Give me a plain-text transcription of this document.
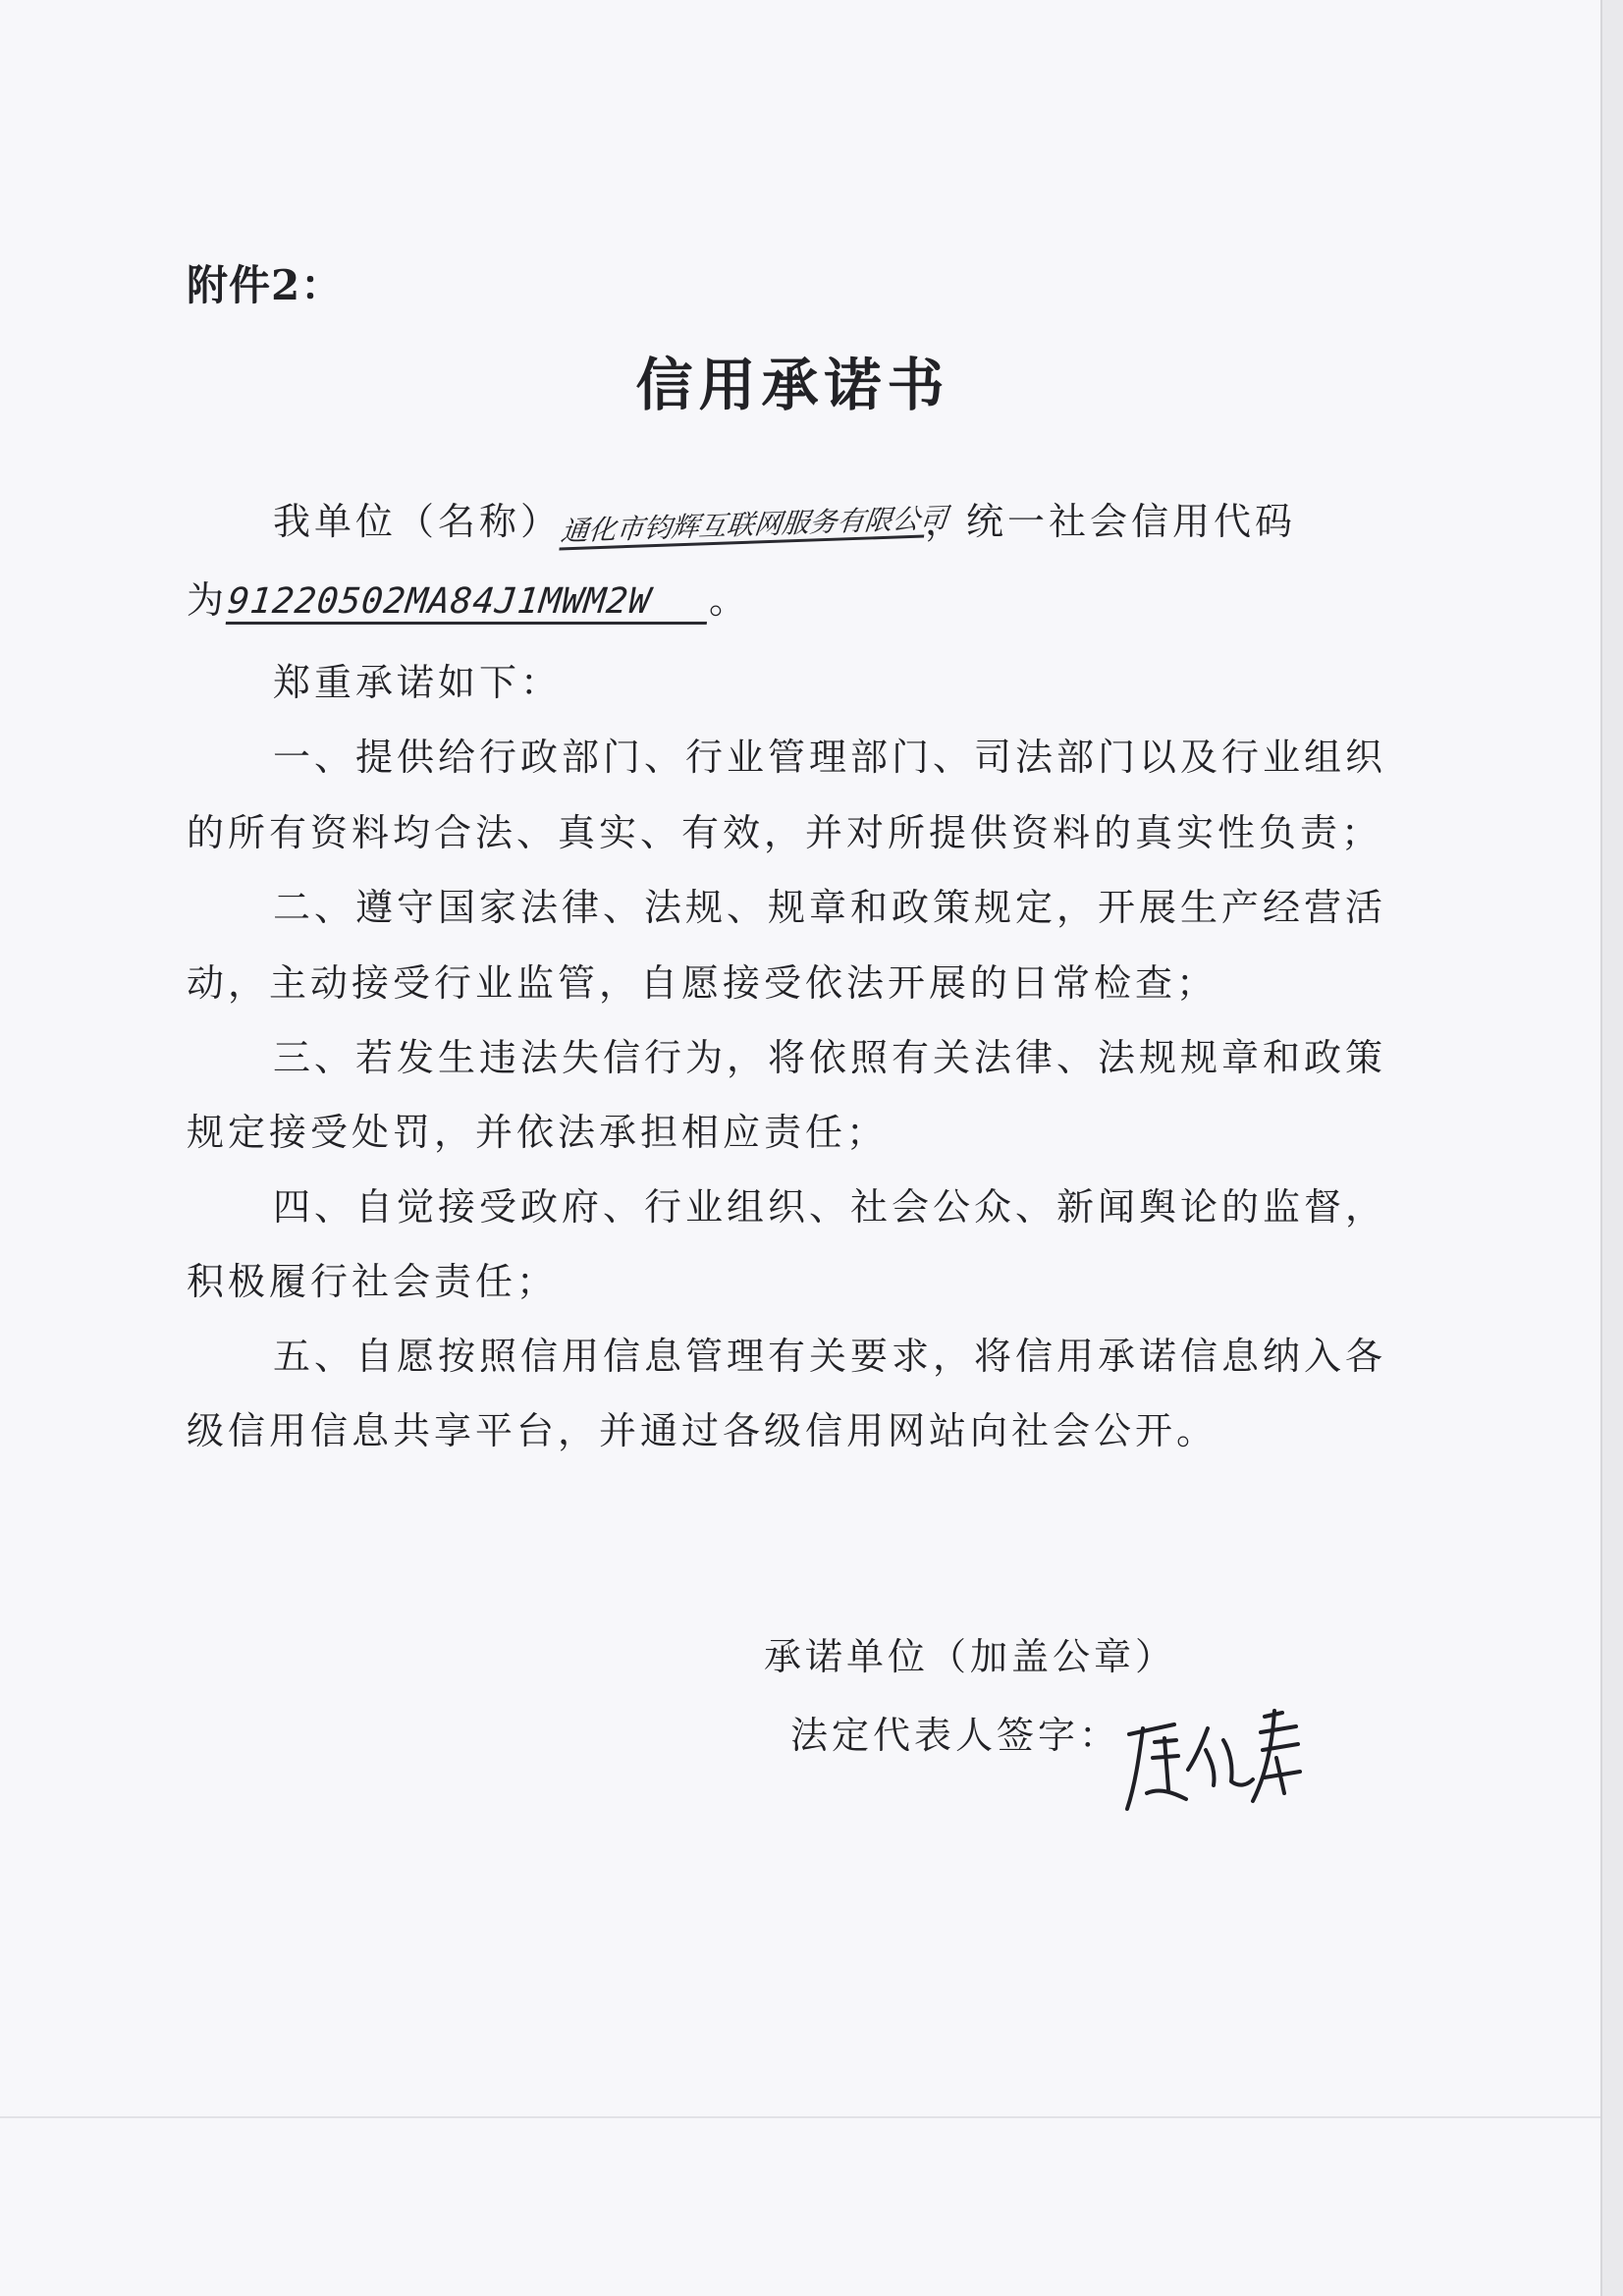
附件2：
信用承诺书
我单位（名称）通化市钧辉互联网服务有限公司，统一社会信用代码
为91220502MA84J1MWM2W 。
郑重承诺如下：
一、提供给行政部门、行业管理部门、司法部门以及行业组织
的所有资料均合法、真实、有效，并对所提供资料的真实性负责；
二、遵守国家法律、法规、规章和政策规定，开展生产经营活
动，主动接受行业监管，自愿接受依法开展的日常检查；
三、若发生违法失信行为，将依照有关法律、法规规章和政策
规定接受处罚，并依法承担相应责任；
四、自觉接受政府、行业组织、社会公众、新闻舆论的监督，
积极履行社会责任；
五、自愿按照信用信息管理有关要求，将信用承诺信息纳入各
级信用信息共享平台，并通过各级信用网站向社会公开。
承诺单位（加盖公章）
法定代表人签字：
